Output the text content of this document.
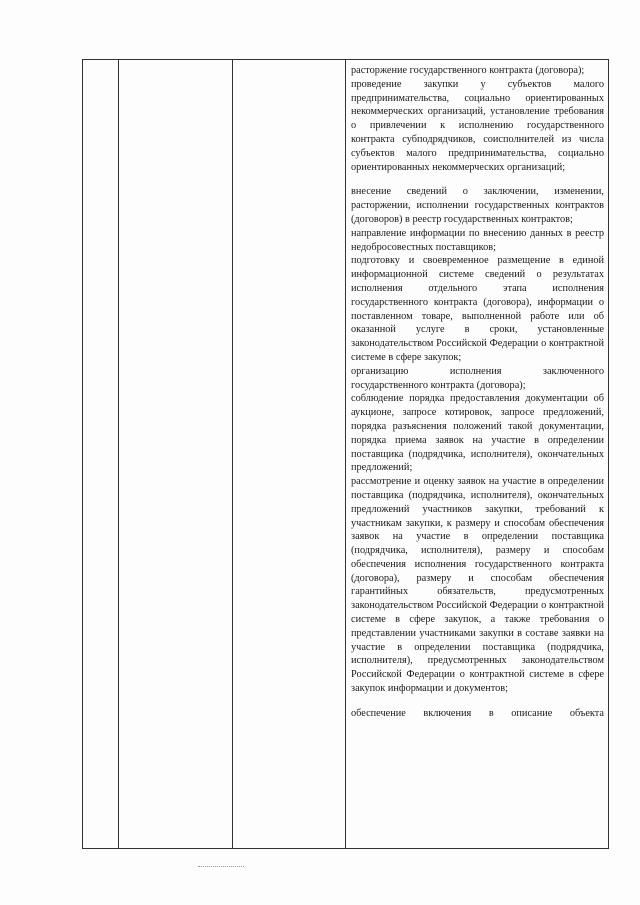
расторжение государственного контракта (договора);

проведение закупки у субъектов малого предпринимательства, социально ориентированных некоммерческих организаций, установление требования о привлечении к исполнению государственного контракта субподрядчиков, соисполнителей из числа субъектов малого предпринимательства, социально ориентированных некоммерческих организаций;

внесение сведений о заключении, изменении, расторжении, исполнении государственных контрактов (договоров) в реестр государственных контрактов;

направление информации по внесению данных в реестр недобросовестных поставщиков;

подготовку и своевременное размещение в единой информационной системе сведений о результатах исполнения отдельного этапа исполнения государственного контракта (договора), информации о поставленном товаре, выполненной работе или об оказанной услуге в сроки, установленные законодательством Российской Федерации о контрактной системе в сфере закупок;

организацию исполнения заключенного государственного контракта (договора);

соблюдение порядка предоставления документации об аукционе, запросе котировок, запросе предложений, порядка разъяснения положений такой документации, порядка приема заявок на участие в определении поставщика (подрядчика, исполнителя), окончательных предложений;

рассмотрение и оценку заявок на участие в определении поставщика (подрядчика, исполнителя), окончательных предложений участников закупки, требований к участникам закупки, к размеру и способам обеспечения заявок на участие в определении поставщика (подрядчика, исполнителя), размеру и способам обеспечения исполнения государственного контракта (договора), размеру и способам обеспечения гарантийных обязательств, предусмотренных законодательством Российской Федерации о контрактной системе в сфере закупок, а также требования о представлении участниками закупки в составе заявки на участие в определении поставщика (подрядчика, исполнителя), предусмотренных законодательством Российской Федерации о контрактной системе в сфере закупок информации и документов;

обеспечение включения в описание объекта
